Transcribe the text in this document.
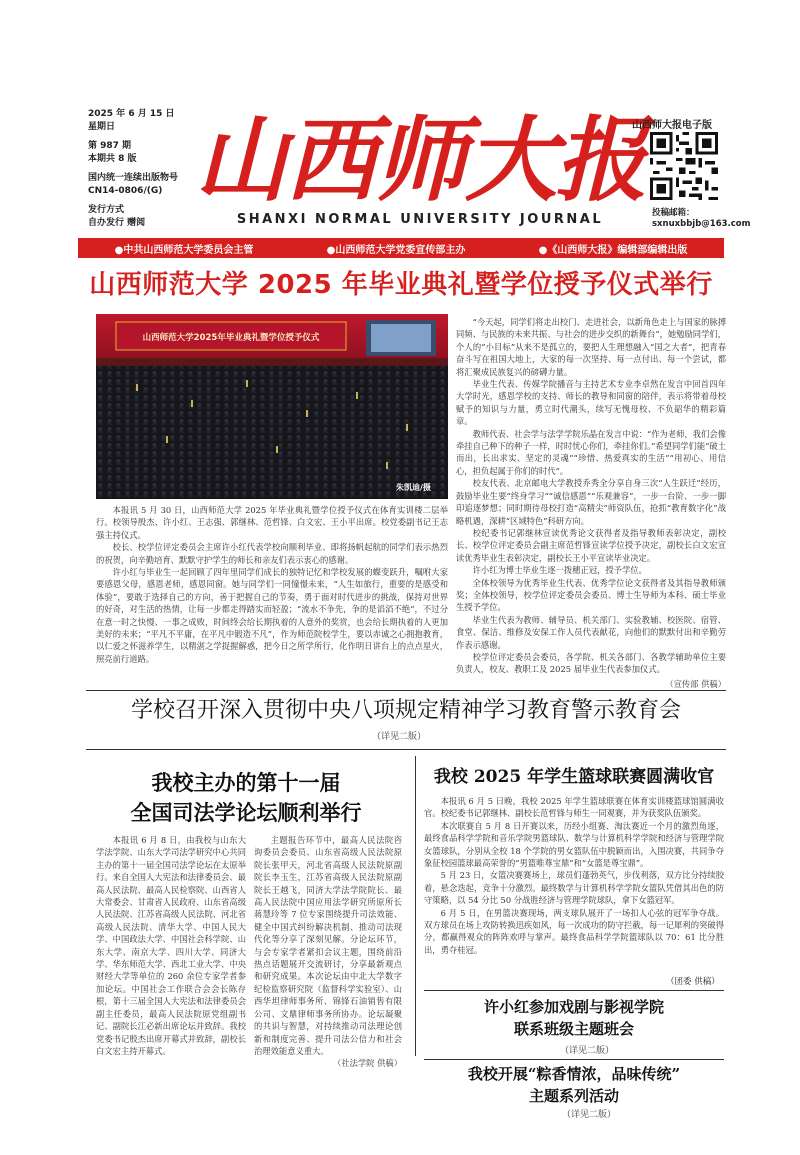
2025 年 6 月 15 日
星期日
第 987 期
本期共 8 版
国内统一连续出版物号
CN14-0806/(G)
发行方式
自办发行 赠阅
山西师大报
SHANXI NORMAL UNIVERSITY JOURNAL
山西师大报电子版
投稿邮箱：
sxnuxbbjb@163.com
●中共山西师范大学委员会主管	●山西师范大学党委宣传部主办	●《山西师大报》编辑部编辑出版
山西师范大学 2025 年毕业典礼暨学位授予仪式举行
山西师范大学2025年毕业典礼暨学位授予仪式
朱凯迪/摄

本报讯 5 月 30 日，山西师范大学 2025 年毕业典礼暨学位授予仪式在体育实训楼二层举行。校领导殷杰、许小红、王志强、郭继林、范哲锋、白文宏、王小平出席。校党委副书记王志强主持仪式。

校长、校学位评定委员会主席许小红代表学校向顺利毕业、即将扬帆起航的同学们表示热烈的祝贺，向辛勤培育、默默守护学生的师长和亲友们表示衷心的感谢。

许小红与毕业生一起回顾了四年里同学们成长的独特记忆和学校发展的蝶变跃升，嘱咐大家要感恩父母，感恩老师，感恩同窗。她与同学们一同憧憬未来，“人生如旅行，重要的是感受和体验”，要敢于选择自己的方向，善于把握自己的节奏，勇于面对时代进步的挑战，保持对世界的好奇，对生活的热情，让每一步都走得踏实而轻盈；“流水不争先，争的是滔滔不绝”，不过分在意一时之快慢、一事之成败，时间终会给长期执着的人意外的奖赏，也会给长期执着的人更加美好的未来；“平凡不平庸，在平凡中锻造不凡”，作为师范院校学生，要以赤诚之心拥抱教育，以仁爱之怀滋养学生，以精湛之学捉握解惑，把今日之所学所行，化作明日讲台上的点点星火，照亮前行道路。

“今天起，同学们将走出校门、走进社会，以新角色走上与国家的脉搏同频、与民族的未来共振、与社会的进步交织的新舞台”，她勉励同学们，个人的“小目标”从来不是孤立的，要把人生理想融入“国之大者”，把青春奋斗写在祖国大地上，大家的每一次坚持、每一点付出、每一个尝试，都将汇聚成民族复兴的磅礴力量。

毕业生代表、传媒学院播音与主持艺术专业李卓然在发言中回首四年大学时光，感恩学校的支持、师长的教导和同窗的陪伴，表示将带着母校赋予的知识与力量，勇立时代潮头，续写无愧母校、不负韶华的精彩篇章。

教师代表、社会学与法学学院乐晶在发言中说：“作为老师，我们会像牵挂自己种下的种子一样，时时忧心你们，牵挂你们。”希望同学们能“破土而出，长出求实、坚定的灵魂”“珍惜、热爱真实的生活”“用初心、用信心，担负起属于你们的时代”。

校友代表、北京邮电大学教授乔秀全分享自身三次“人生跃迁”经历，鼓励毕业生要“终身学习”“诚信感恩”“乐观兼容”，一步一台阶、一步一脚印追逐梦想；同时期待母校打造“高精尖”师资队伍，抢抓“教育数字化”战略机遇，深耕“区域特色”科研方向。

校纪委书记郭继林宣读优秀论文获得者及指导教师表彰决定，副校长、校学位评定委员会副主席范哲锋宣读学位授予决定，副校长白文宏宣读优秀毕业生表彰决定，副校长王小平宣读毕业决定。

许小红为博士毕业生逐一拨穗正冠，授予学位。

全体校领导为优秀毕业生代表、优秀学位论文获得者及其指导教师颁奖；全体校领导，校学位评定委员会委员、博士生导师为本科、硕士毕业生授予学位。

毕业生代表为教师、辅导员、机关部门、实验教辅、校医院、宿管、食堂、保洁、维修及安保工作人员代表献花，向他们的默默付出和辛勤劳作表示感谢。

校学位评定委员会委员，各学院、机关各部门、各教学辅助单位主要负责人，校友、教职工及 2025 届毕业生代表参加仪式。

（宣传部 供稿）
学校召开深入贯彻中央八项规定精神学习教育警示教育会
（详见二版）
我校主办的第十一届
全国司法学论坛顺利举行

本报讯 6 月 8 日，由我校与山东大学法学院、山东大学司法学研究中心共同主办的第十一届全国司法学论坛在太原举行。来自全国人大宪法和法律委员会、最高人民法院、最高人民检察院、山西省人大常委会、甘肃省人民政府、山东省高级人民法院、江苏省高级人民法院、河北省高级人民法院、清华大学、中国人民大学、中国政法大学、中国社会科学院、山东大学、南京大学、四川大学、同济大学、华东师范大学、西北工业大学、中央财经大学等单位的 260 余位专家学者参加论坛。中国社会工作联合会会长陈存根，第十三届全国人大宪法和法律委员会副主任委员，最高人民法院原党组副书记、副院长江必新出席论坛并致辞。我校党委书记殷杰出席开幕式并致辞，副校长白文宏主持开幕式。

主题报告环节中，最高人民法院咨询委员会委员、山东省高级人民法院原院长张甲天，河北省高级人民法院原副院长李玉生，江苏省高级人民法院原副院长王越飞，同济大学法学院院长、最高人民法院中国应用法学研究所原所长蒋慧玲等 7 位专家围绕提升司法效能、健全中国式纠纷解决机制、推动司法现代化等分享了深刻见解。分论坛环节，与会专家学者紧扣会议主题，围绕前沿热点话题展开交流研讨，分享最新观点和研究成果。本次论坛由中北大学数字纪检监察研究院（监督科学实验室）、山西华坦律师事务所、锦锋石油销售有限公司、文鼎律师事务所协办。论坛凝聚的共识与智慧，对持续推动司法理论创新和制度完善、提升司法公信力和社会治理效能意义重大。

（社法学院 供稿）
我校 2025 年学生篮球联赛圆满收官

本报讯 6 月 5 日晚，我校 2025 年学生篮球联赛在体育实训楼篮球馆圆满收官。校纪委书记郭继林、副校长范哲锋与师生一同观赛，并为获奖队伍颁奖。

本次联赛自 5 月 8 日开赛以来，历经小组赛、淘汰赛近一个月的激烈角逐，最终食品科学学院和音乐学院男篮球队、数学与计算机科学学院和经济与管理学院女篮球队，分别从全校 18 个学院的男女篮队伍中脱颖而出，入围决赛，共同争夺象征校园篮球最高荣誉的“男篮唯尊宝鼎”和“女篮是尊宝鼎”。

5 月 23 日，女篮决赛赛场上，球员们蓬勃英气，步伐利落，双方比分持续胶着，悬念迭起，竞争十分激烈。最终数学与计算机科学学院女篮队凭借其出色的防守策略，以 54 分比 50 分战胜经济与管理学院球队，拿下女篮冠军。

6 月 5 日，在男篮决赛现场，两支球队展开了一场扣人心弦的冠军争夺战。双方球员在场上攻防转换迅疾如风，每一次成功的防守拦截，每一记犀利的突破得分，都赢得观众的阵阵欢呼与掌声。最终食品科学学院篮球队以 70：61 比分胜出，勇夺桂冠。

（团委 供稿）
许小红参加戏剧与影视学院
联系班级主题班会
（详见二版）
我校开展“粽香情浓，品味传统”
主题系列活动
（详见二版）
